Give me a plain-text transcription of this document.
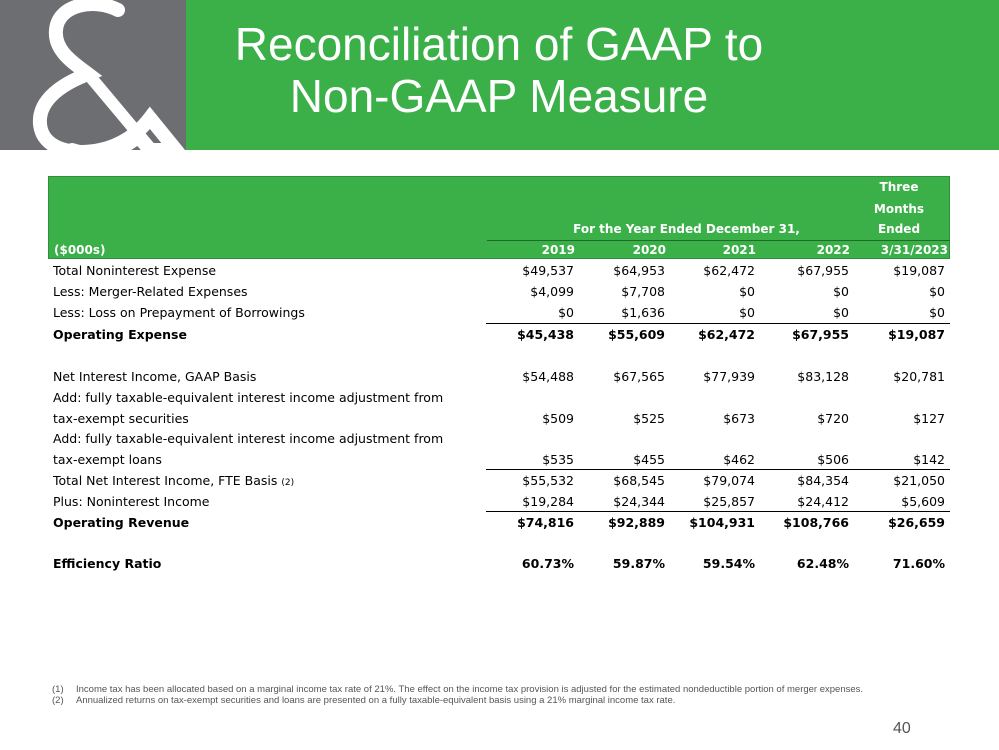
Reconciliation of GAAP to
Non-GAAP Measure
Three
Months
Ended
For the Year Ended December 31,
($000s)	2019	2020	2021	2022	3/31/2023
Total Noninterest Expense	$49,537	$64,953	$62,472	$67,955	$19,087
Less: Merger-Related Expenses	$4,099	$7,708	$0	$0	$0
Less: Loss on Prepayment of Borrowings	$0	$1,636	$0	$0	$0
Operating Expense	$45,438	$55,609	$62,472	$67,955	$19,087
Net Interest Income, GAAP Basis	$54,488	$67,565	$77,939	$83,128	$20,781
Add: fully taxable-equivalent interest income adjustment from
tax-exempt securities	$509	$525	$673	$720	$127
Add: fully taxable-equivalent interest income adjustment from
tax-exempt loans	$535	$455	$462	$506	$142
Total Net Interest Income, FTE Basis (2)	$55,532	$68,545	$79,074	$84,354	$21,050
Plus: Noninterest Income	$19,284	$24,344	$25,857	$24,412	$5,609
Operating Revenue	$74,816	$92,889	$104,931	$108,766	$26,659
Efficiency Ratio	60.73%	59.87%	59.54%	62.48%	71.60%
(1) Income tax has been allocated based on a marginal income tax rate of 21%. The effect on the income tax provision is adjusted for the estimated nondeductible portion of merger expenses.
(2) Annualized returns on tax-exempt securities and loans are presented on a fully taxable-equivalent basis using a 21% marginal income tax rate.
40
